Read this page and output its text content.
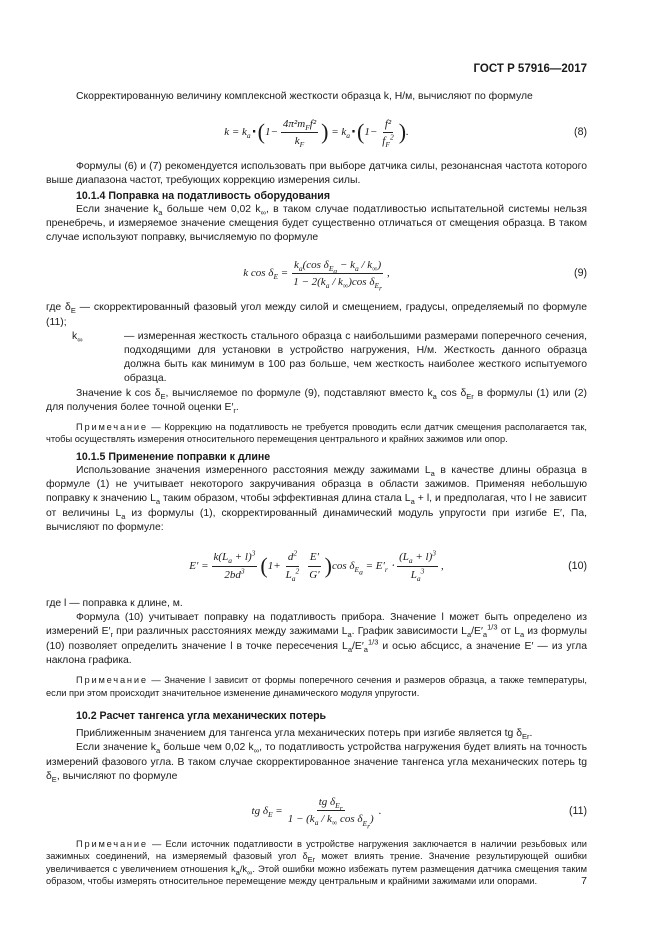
ГОСТ Р 57916—2017

Скорректированную величину комплексной жесткости образца k, Н/м, вычисляют по формуле

$k = k_a$ ⋅( $1- \frac{4\pi^2m_Ff^2}{k_F}$ ) = $k_a$ ⋅( $1- \frac{\text{f²}}{f_F^2}$ ) .	(8)

Формулы (6) и (7) рекомендуется использовать при выборе датчика силы, резонансная частота которого выше диапазона частот, требующих коррекцию измерения силы.

10.1.4 Поправка на податливость оборудования

Если значение $k_a$ больше чем 0,02 $k_\infty$, в таком случае податливостью испытательной системы нельзя пренебречь, и измеряемое значение смещения будет существенно отличаться от смещения образца. В таком случае используют поправку, вычисляемую по формуле

k $\cos \delta_E = \frac{k_a(\cos \delta_{E_a} - k_a / k_\infty)}{1 - 2(k_a / k_\infty)\cos \delta_{E_r}}$ ,	(9)

где $\delta_E$ — скорректированный фазовый угол между силой и смещением, градусы, определяемый по формуле (11);

$k_\infty$	— измеренная жесткость стального образца с наибольшими размерами поперечного сечения, подходящими для установки в устройство нагружения, Н/м. Жесткость данного образца должна быть как минимум в 100 раз больше, чем жесткость наиболее жесткого испытуемого образца.

Значение k $\cos \delta_E$, вычисляемое по формуле (9), подставляют вместо $k_a$ $\cos \delta_{Er}$ в формулы (1) или (2) для получения более точной оценки $E'_r$.

Примечание — Коррекцию на податливость не требуется проводить если датчик смещения располагается так, чтобы осуществлять измерения относительного перемещения центрального и крайних зажимов или опор.

10.1.5 Применение поправки к длине

Использование значения измеренного расстояния между зажимами $L_a$ в качестве длины образца в формуле (1) не учитывает некоторого закручивания образца в области зажимов. Применяя небольшую поправку к значению $L_a$ таким образом, чтобы эффективная длина стала $L_a + l$, и предполагая, что l не зависит от величины $L_a$ из формулы (1), скорректированный динамический модуль упругости при изгибе E′, Па, вычисляют по формуле:

$E' = \frac{k(L_a + l)^3}{2bd^3}$ ( $1+ \frac{d^2}{L_a^2} \frac{E'}{G'}$ ) $\cos \delta_{E_a} = E'_r \cdot \frac{(L_a + l)^3}{L_a^3}$ ,	(10)

где l — поправка к длине, м.

Формула (10) учитывает поправку на податливость прибора. Значение l может быть определено из измерений $E'_r$ при различных расстояниях между зажимами $L_a$. График зависимости $L_a/E'_a^{1/3}$ от $L_a$ из формулы (10) позволяет определить значение l в точке пересечения $L_a/E'_a^{1/3}$ и осью абсцисс, а значение E′ — из угла наклона графика.

Примечание — Значение l зависит от формы поперечного сечения и размеров образца, а также температуры, если при этом происходит значительное изменение динамического модуля упругости.

10.2 Расчет тангенса угла механических потерь

Приближенным значением для тангенса угла механических потерь при изгибе является tg $\delta_{Er}$.

Если значение $k_a$ больше чем 0,02 $k_\infty$, то податливость устройства нагружения будет влиять на точность измерений фазового угла. В таком случае скорректированное значение тангенса угла механических потерь tg $\delta_E$, вычисляют по формуле

tg $\delta_E = \frac{tg \delta_{E_r}}{1 - (k_a / k_\infty \cos \delta_{E_r})}$ .	(11)

Примечание — Если источник податливости в устройстве нагружения заключается в наличии резьбовых или зажимных соединений, на измеряемый фазовый угол $\delta_{Er}$ может влиять трение. Значение результирующей ошибки увеличивается с увеличением отношения $k_a/k_\infty$. Этой ошибки можно избежать путем размещения датчика смещения таким образом, чтобы измерять относительное перемещение между центральным и крайними зажимами или опорами.	7
